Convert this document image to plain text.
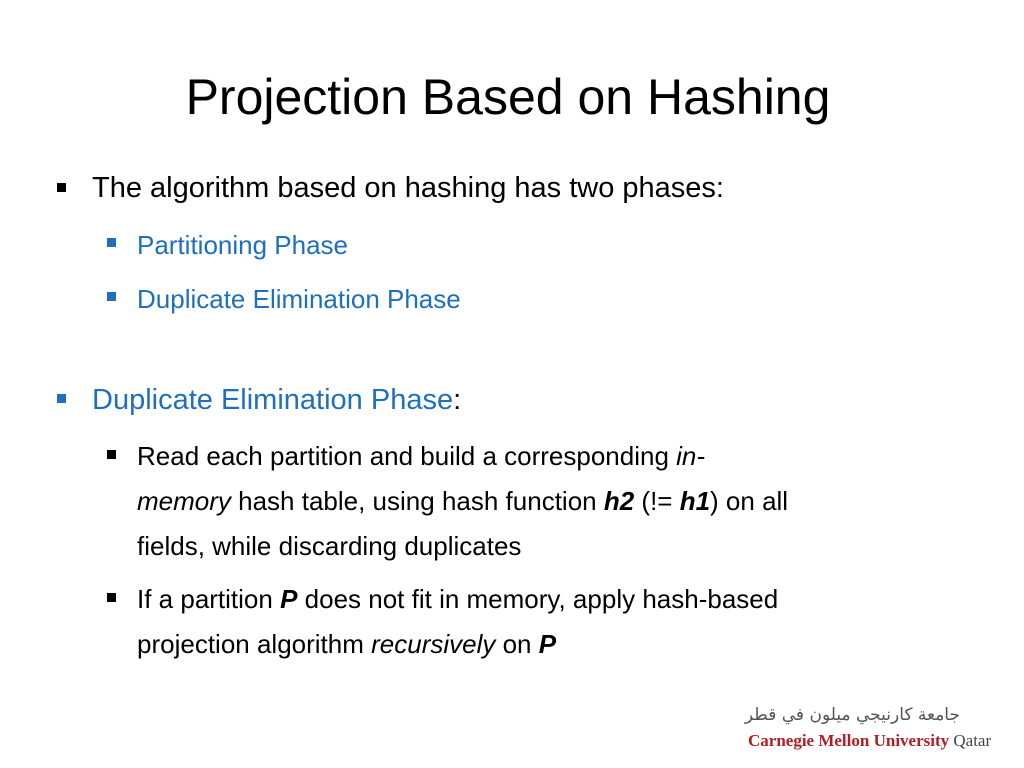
Projection Based on Hashing
The algorithm based on hashing has two phases:
Partitioning Phase
Duplicate Elimination Phase
Duplicate Elimination Phase:
Read each partition and build a corresponding in-
memory hash table, using hash function h2 (!= h1) on all
fields, while discarding duplicates
If a partition P does not fit in memory, apply hash-based
projection algorithm recursively on P
جامعة كارنيجي ميلون في قطر
Carnegie Mellon University Qatar
